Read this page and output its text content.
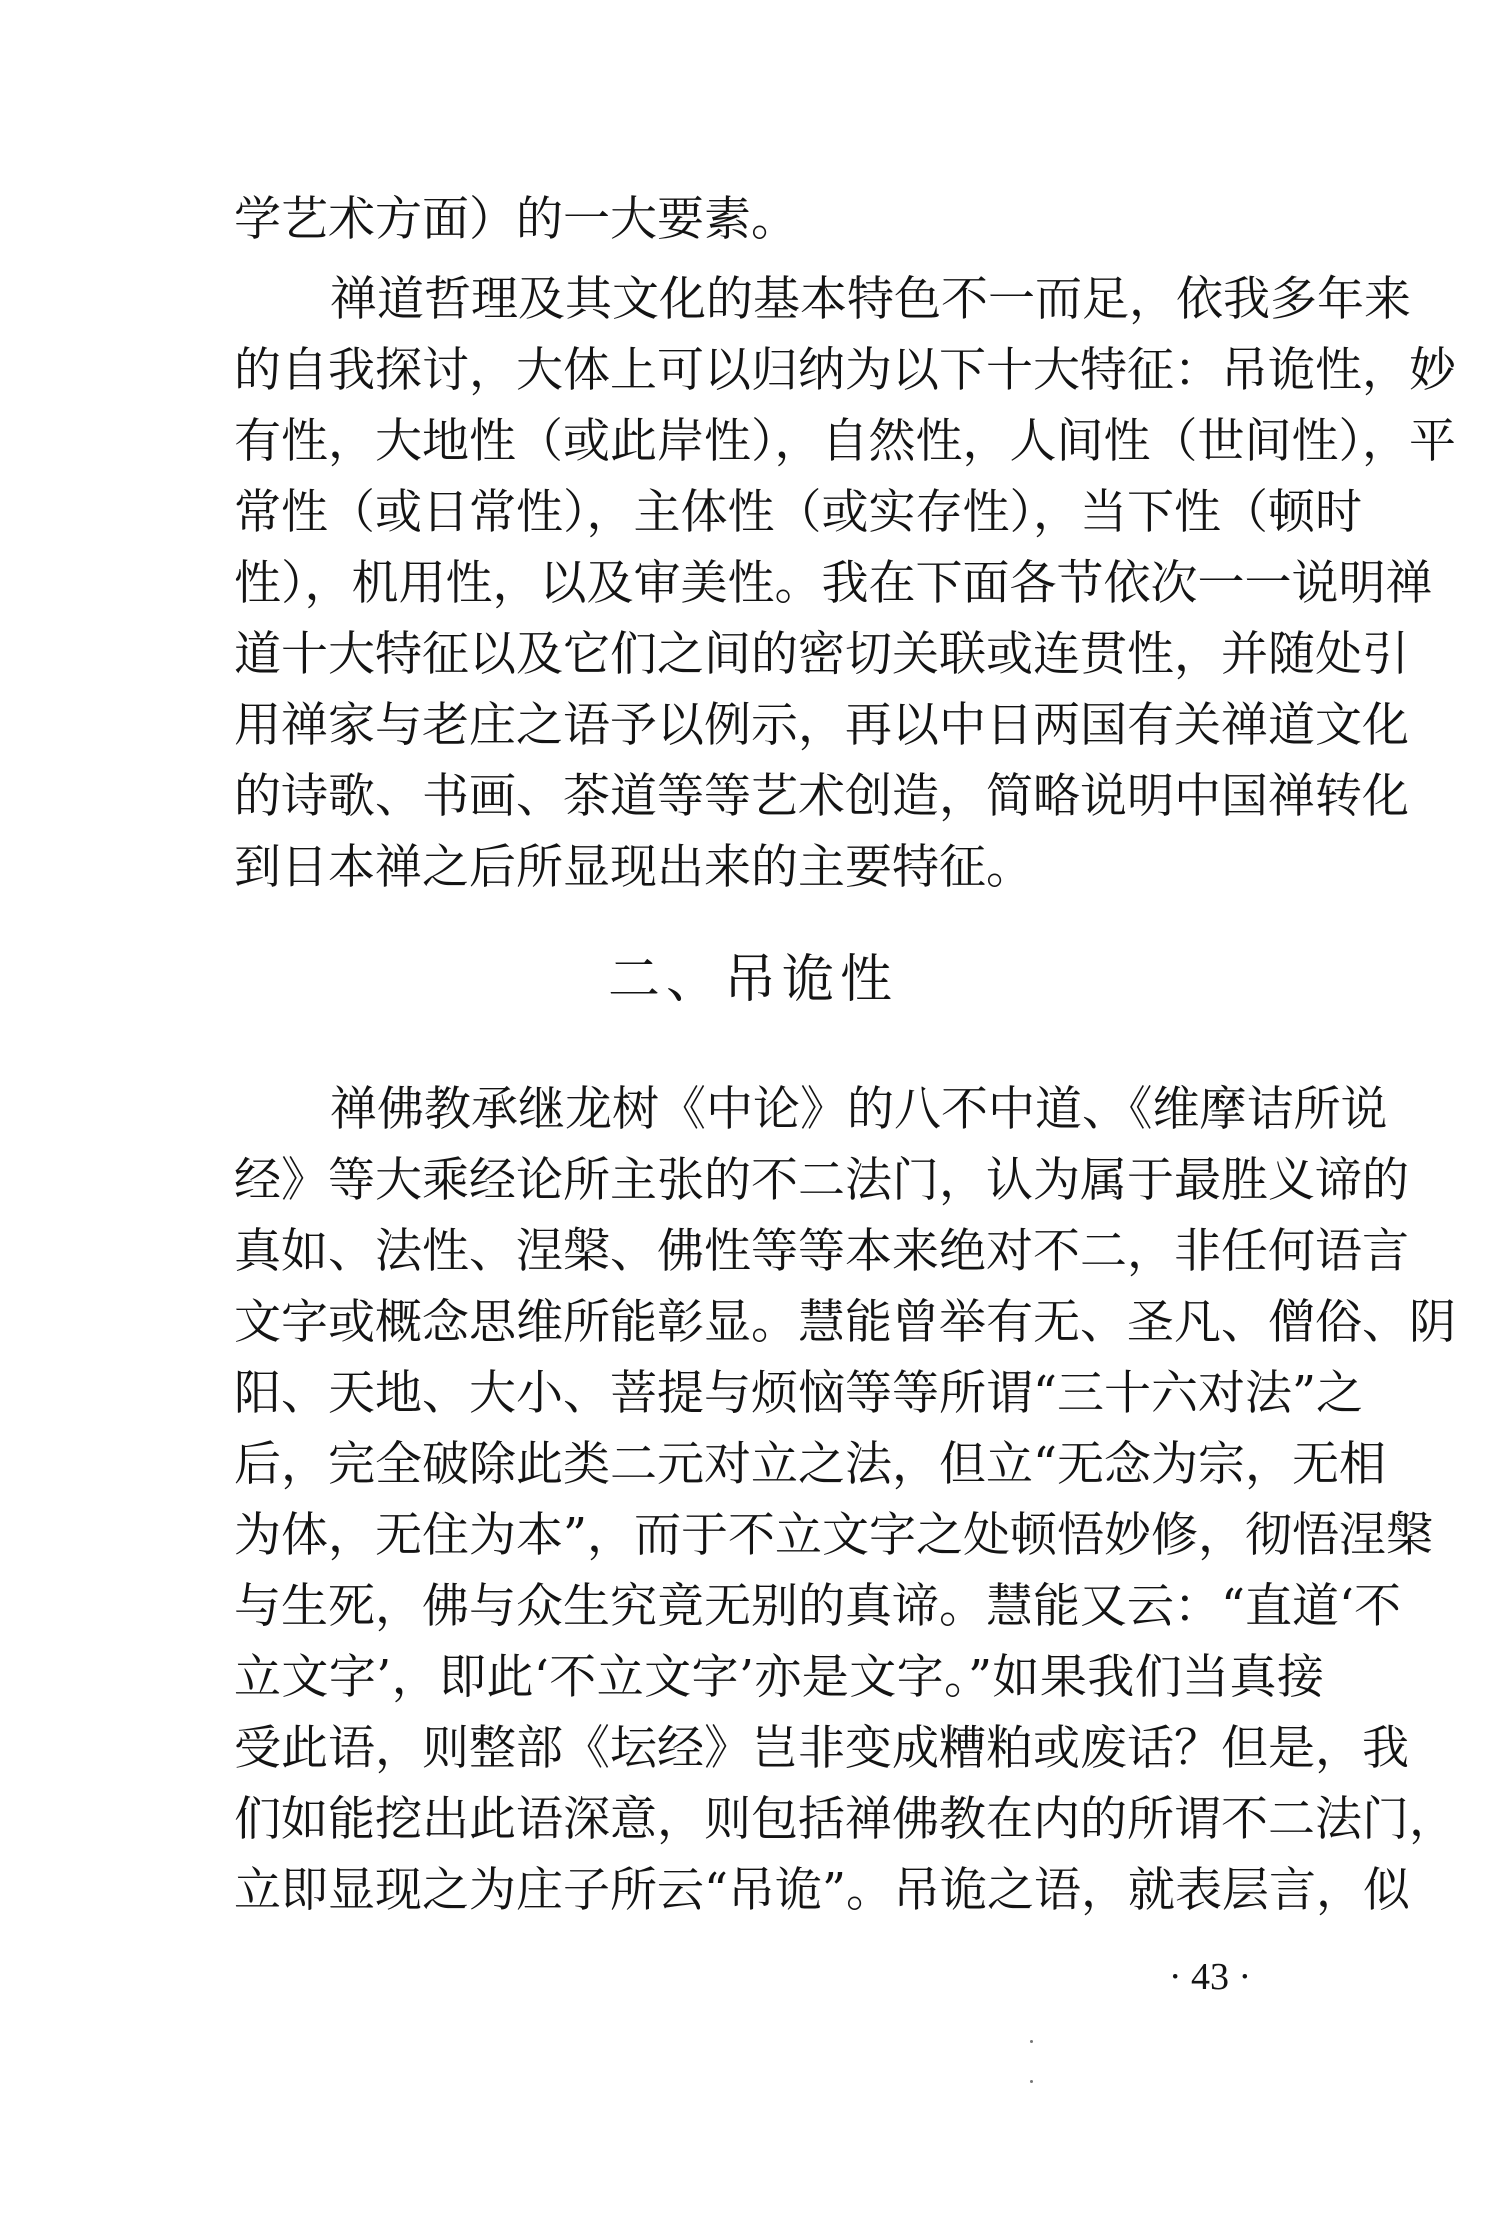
学艺术方面）的一大要素。
禅道哲理及其文化的基本特色不一而足，依我多年来
的自我探讨，大体上可以归纳为以下十大特征：吊诡性，妙
有性，大地性（或此岸性），自然性，人间性（世间性），平
常性（或日常性），主体性（或实存性），当下性（顿时
性），机用性，以及审美性。我在下面各节依次一一说明禅
道十大特征以及它们之间的密切关联或连贯性，并随处引
用禅家与老庄之语予以例示，再以中日两国有关禅道文化
的诗歌、书画、茶道等等艺术创造，简略说明中国禅转化
到日本禅之后所显现出来的主要特征。
二、吊诡性
禅佛教承继龙树《中论》的八不中道、《维摩诘所说
经》等大乘经论所主张的不二法门，认为属于最胜义谛的
真如、法性、涅槃、佛性等等本来绝对不二，非任何语言
文字或概念思维所能彰显。慧能曾举有无、圣凡、僧俗、阴
阳、天地、大小、菩提与烦恼等等所谓“三十六对法”之
后，完全破除此类二元对立之法，但立“无念为宗，无相
为体，无住为本”，而于不立文字之处顿悟妙修，彻悟涅槃
与生死，佛与众生究竟无别的真谛。慧能又云：“直道‘不
立文字’，即此‘不立文字’亦是文字。”如果我们当真接
受此语，则整部《坛经》岂非变成糟粕或废话？但是，我
们如能挖出此语深意，则包括禅佛教在内的所谓不二法门，
立即显现之为庄子所云“吊诡”。吊诡之语，就表层言，似
· 43 ·
